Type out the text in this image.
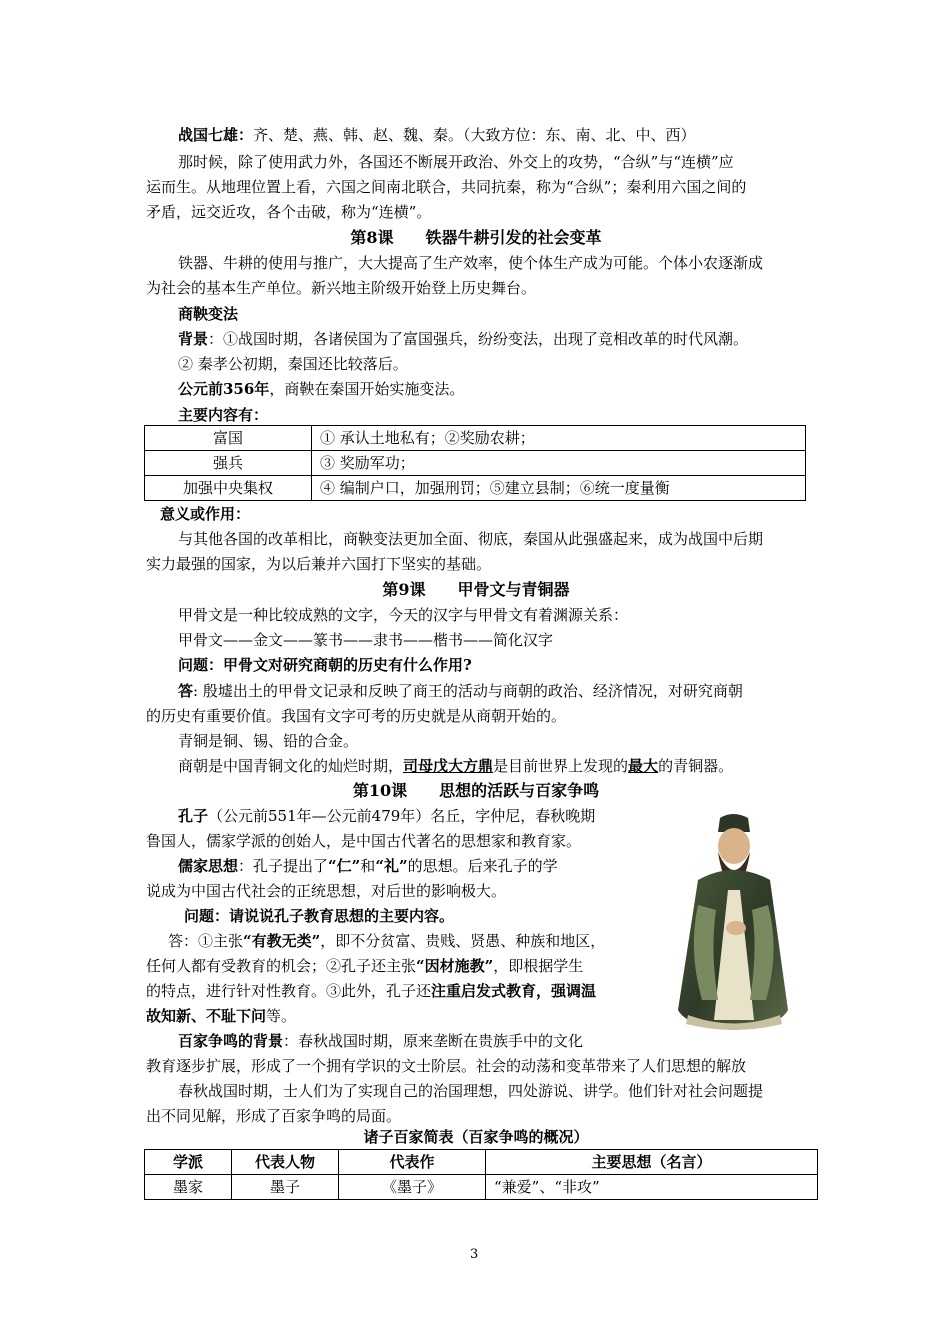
战国七雄：齐、楚、燕、韩、赵、魏、秦。（大致方位：东、南、北、中、西）
那时候，除了使用武力外，各国还不断展开政治、外交上的攻势，“合纵”与“连横”应
运而生。从地理位置上看，六国之间南北联合，共同抗秦，称为“合纵”；秦利用六国之间的
矛盾，远交近攻，各个击破，称为“连横”。
第8课　　铁器牛耕引发的社会变革
铁器、牛耕的使用与推广，大大提高了生产效率，使个体生产成为可能。个体小农逐渐成
为社会的基本生产单位。新兴地主阶级开始登上历史舞台。
商鞅变法
背景：①战国时期，各诸侯国为了富国强兵，纷纷变法，出现了竞相改革的时代风潮。
② 秦孝公初期，秦国还比较落后。
公元前356年，商鞅在秦国开始实施变法。
主要内容有：
富国	① 承认土地私有；②奖励农耕；
强兵	③ 奖励军功；
加强中央集权	④ 编制户口，加强刑罚；⑤建立县制；⑥统一度量衡
意义或作用：
与其他各国的改革相比，商鞅变法更加全面、彻底，秦国从此强盛起来，成为战国中后期
实力最强的国家，为以后兼并六国打下坚实的基础。
第9课　　甲骨文与青铜器
甲骨文是一种比较成熟的文字，今天的汉字与甲骨文有着渊源关系：
甲骨文——金文——篆书——隶书——楷书——简化汉字
问题：甲骨文对研究商朝的历史有什么作用?
答: 殷墟出土的甲骨文记录和反映了商王的活动与商朝的政治、经济情况，对研究商朝
的历史有重要价值。我国有文字可考的历史就是从商朝开始的。
青铜是铜、锡、铅的合金。
商朝是中国青铜文化的灿烂时期，司母戊大方鼎是目前世界上发现的最大的青铜器。
第10课　　思想的活跃与百家争鸣
孔子（公元前551年—公元前479年）名丘，字仲尼，春秋晚期
鲁国人，儒家学派的创始人，是中国古代著名的思想家和教育家。
儒家思想：孔子提出了“仁”和“礼”的思想。后来孔子的学
说成为中国古代社会的正统思想，对后世的影响极大。
问题：请说说孔子教育思想的主要内容。
答：①主张“有教无类”，即不分贫富、贵贱、贤愚、种族和地区，
任何人都有受教育的机会；②孔子还主张“因材施教”，即根据学生
的特点，进行针对性教育。③此外，孔子还注重启发式教育，强调温
故知新、不耻下问等。
百家争鸣的背景：春秋战国时期，原来垄断在贵族手中的文化
教育逐步扩展，形成了一个拥有学识的文士阶层。社会的动荡和变革带来了人们思想的解放
春秋战国时期，士人们为了实现自己的治国理想，四处游说、讲学。他们针对社会问题提
出不同见解，形成了百家争鸣的局面。
诸子百家简表（百家争鸣的概况）
学派	代表人物	代表作	主要思想（名言）
墨家	墨子	《墨子》	“兼爱”、“非攻”
3
